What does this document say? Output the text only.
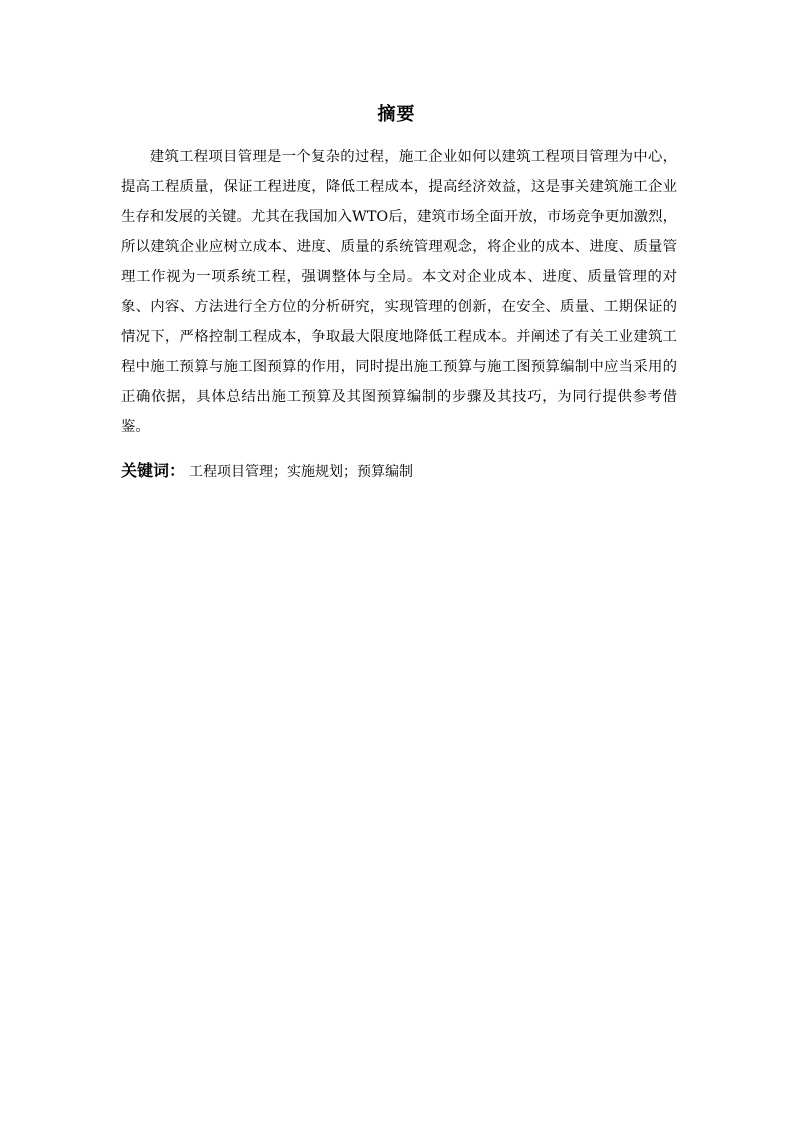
摘要

建筑工程项目管理是一个复杂的过程，施工企业如何以建筑工程项目管理为中心，提高工程质量，保证工程进度，降低工程成本，提高经济效益，这是事关建筑施工企业生存和发展的关键。尤其在我国加入WTO后，建筑市场全面开放，市场竞争更加激烈，所以建筑企业应树立成本、进度、质量的系统管理观念，将企业的成本、进度、质量管理工作视为一项系统工程，强调整体与全局。本文对企业成本、进度、质量管理的对象、内容、方法进行全方位的分析研究，实现管理的创新，在安全、质量、工期保证的情况下，严格控制工程成本，争取最大限度地降低工程成本。并阐述了有关工业建筑工程中施工预算与施工图预算的作用，同时提出施工预算与施工图预算编制中应当采用的正确依据，具体总结出施工预算及其图预算编制的步骤及其技巧，为同行提供参考借鉴。

关键词： 工程项目管理；实施规划；预算编制
